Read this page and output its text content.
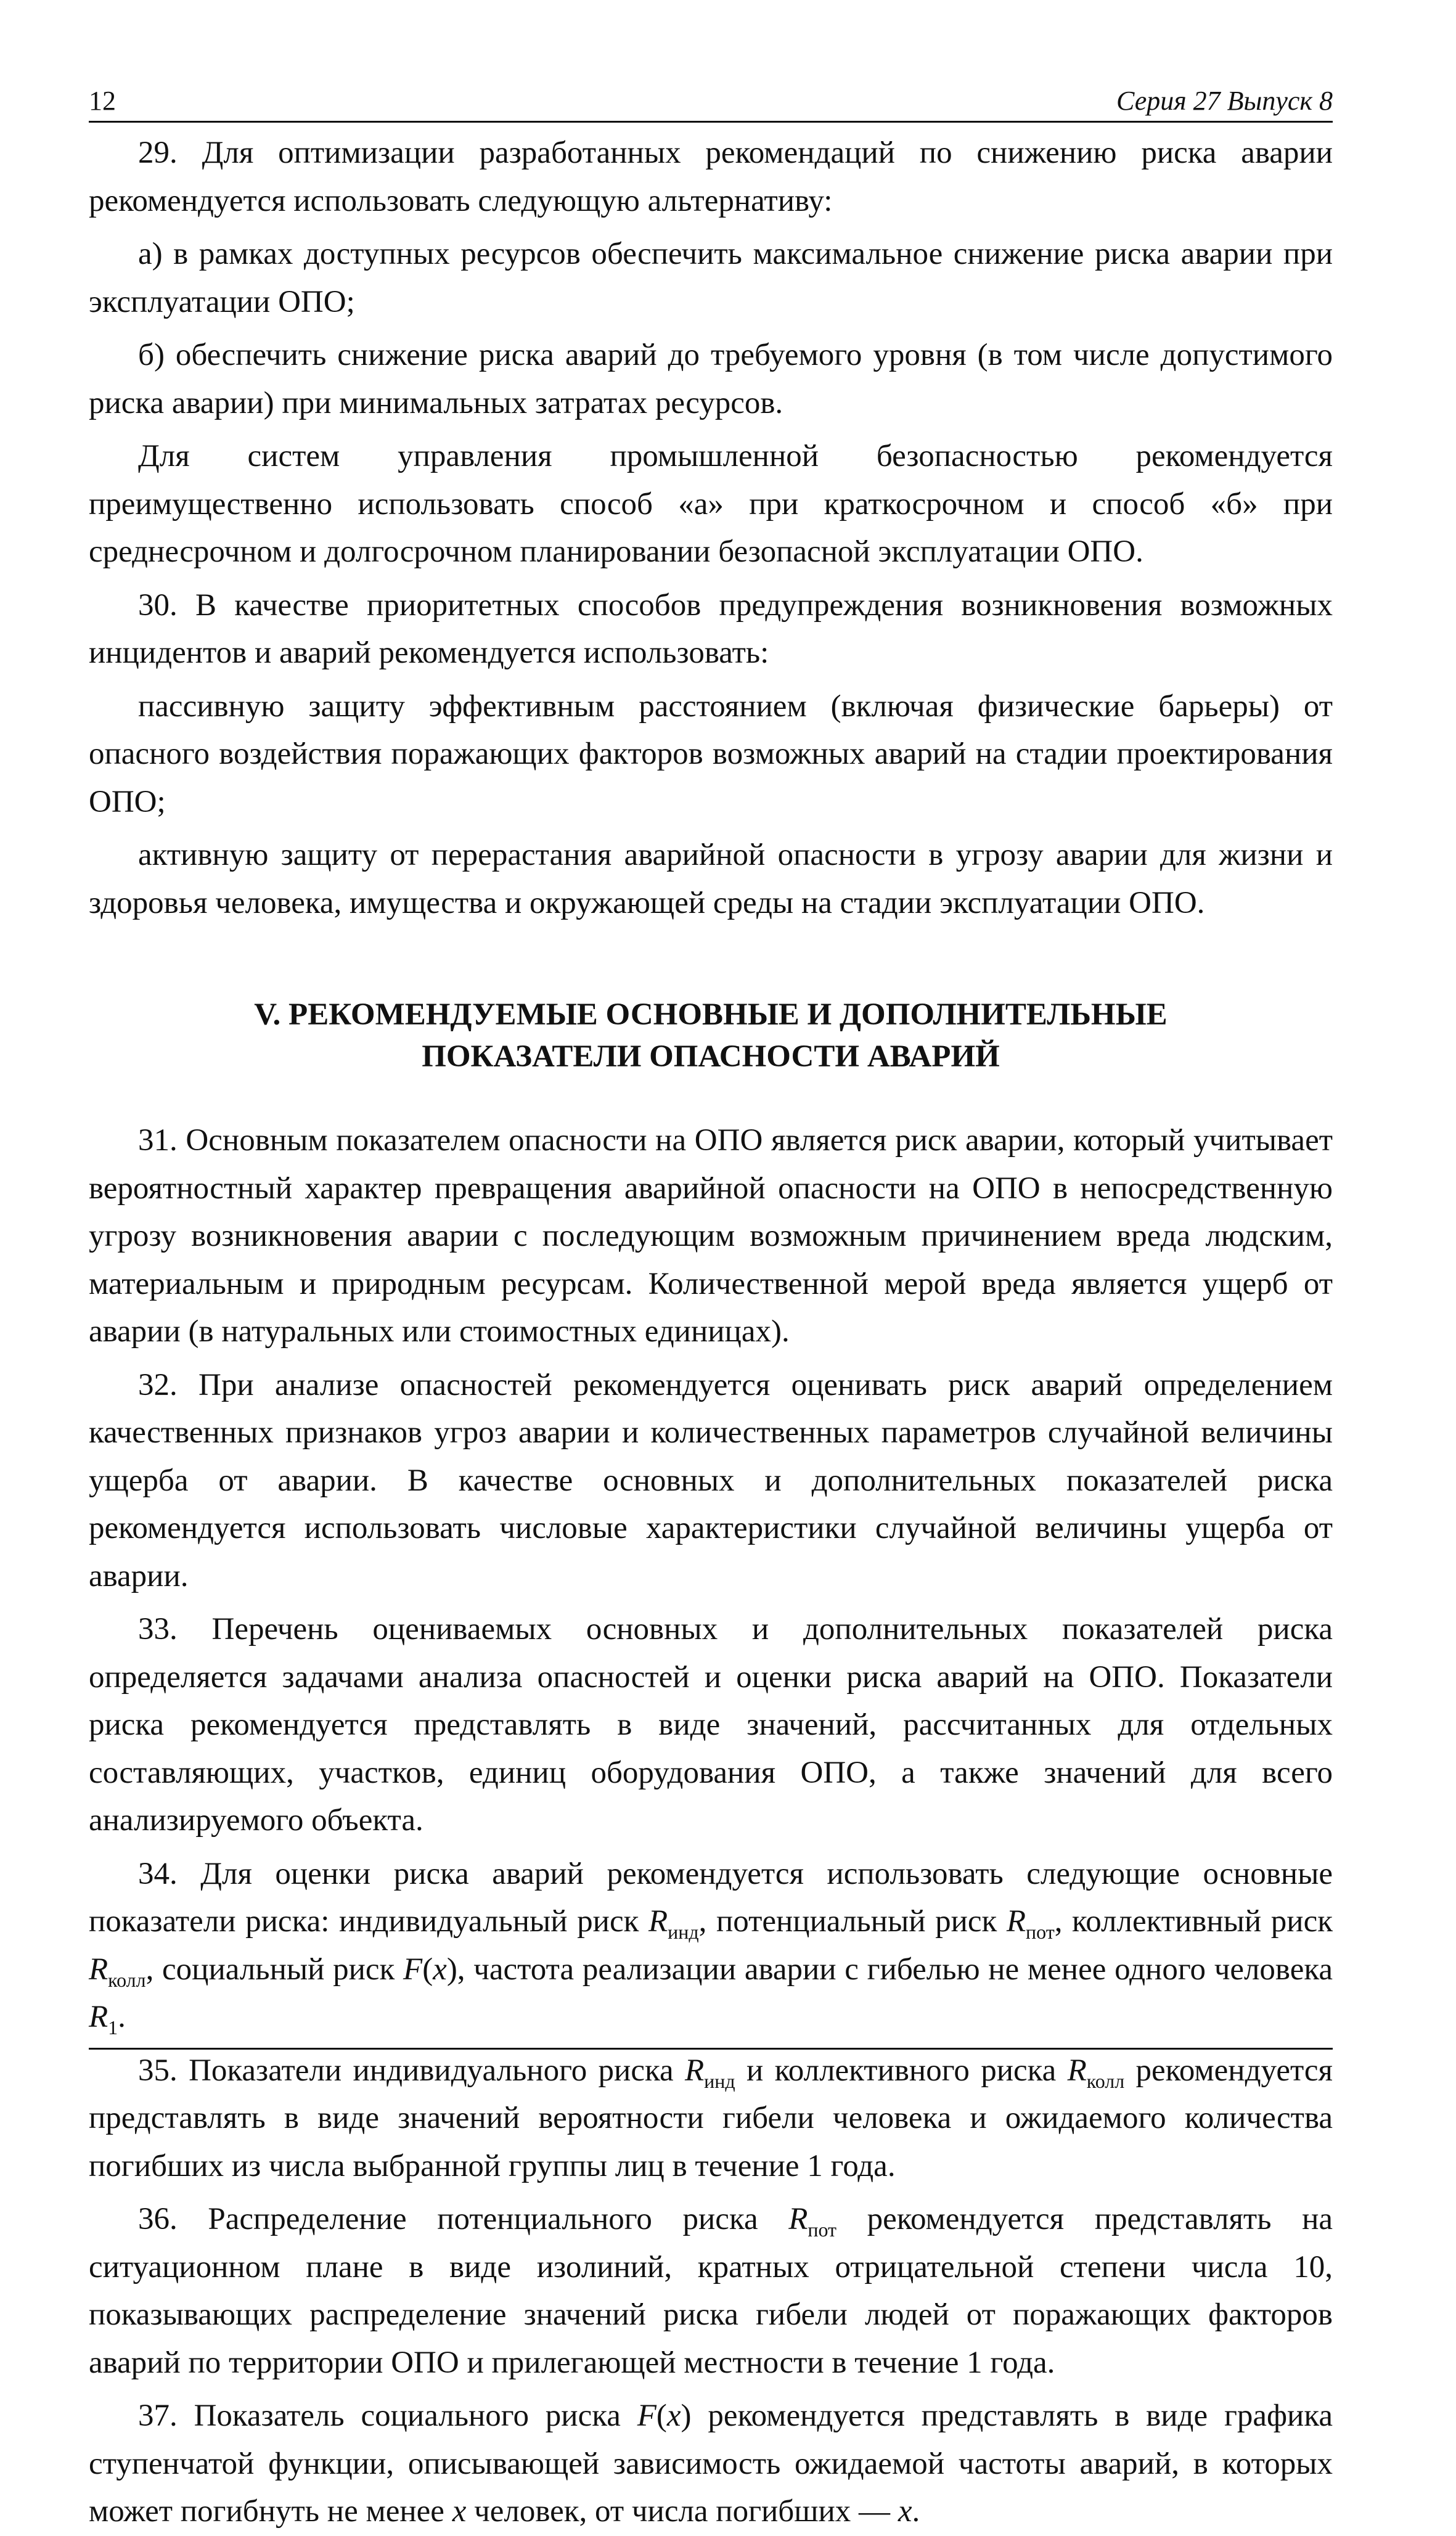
12	Серия 27 Выпуск 8

29. Для оптимизации разработанных рекомендаций по снижению риска аварии рекомендуется использовать следующую альтернативу:

а) в рамках доступных ресурсов обеспечить максимальное снижение риска аварии при эксплуатации ОПО;

б) обеспечить снижение риска аварий до требуемого уровня (в том числе допустимого риска аварии) при минимальных затратах ресурсов.

Для систем управления промышленной безопасностью рекомендуется преимущественно использовать способ «а» при краткосрочном и способ «б» при среднесрочном и долгосрочном планировании безопасной эксплуатации ОПО.

30. В качестве приоритетных способов предупреждения возникновения возможных инцидентов и аварий рекомендуется использовать:

пассивную защиту эффективным расстоянием (включая физические барьеры) от опасного воздействия поражающих факторов возможных аварий на стадии проектирования ОПО;

активную защиту от перерастания аварийной опасности в угрозу аварии для жизни и здоровья человека, имущества и окружающей среды на стадии эксплуатации ОПО.

V. РЕКОМЕНДУЕМЫЕ ОСНОВНЫЕ И ДОПОЛНИТЕЛЬНЫЕ
ПОКАЗАТЕЛИ ОПАСНОСТИ АВАРИЙ

31. Основным показателем опасности на ОПО является риск аварии, который учитывает вероятностный характер превращения аварийной опасности на ОПО в непосредственную угрозу возникновения аварии с последующим возможным причинением вреда людским, материальным и природным ресурсам. Количественной мерой вреда является ущерб от аварии (в натуральных или стоимостных единицах).

32. При анализе опасностей рекомендуется оценивать риск аварий определением качественных признаков угроз аварии и количественных параметров случайной величины ущерба от аварии. В качестве основных и дополнительных показателей риска рекомендуется использовать числовые характеристики случайной величины ущерба от аварии.

33. Перечень оцениваемых основных и дополнительных показателей риска определяется задачами анализа опасностей и оценки риска аварий на ОПО. Показатели риска рекомендуется представлять в виде значений, рассчитанных для отдельных составляющих, участков, единиц оборудования ОПО, а также значений для всего анализируемого объекта.

34. Для оценки риска аварий рекомендуется использовать следующие основные показатели риска: индивидуальный риск $R_{инд}$, потенциальный риск $R_{пот}$, коллективный риск $R_{колл}$, социальный риск F(x), частота реализации аварии с гибелью не менее одного человека $R_1$.

35. Показатели индивидуального риска $R_{инд}$ и коллективного риска $R_{колл}$ рекомендуется представлять в виде значений вероятности гибели человека и ожидаемого количества погибших из числа выбранной группы лиц в течение 1 года.

36. Распределение потенциального риска $R_{пот}$ рекомендуется представлять на ситуационном плане в виде изолиний, кратных отрицательной степени числа 10, показывающих распределение значений риска гибели людей от поражающих факторов аварий по территории ОПО и прилегающей местности в течение 1 года.

37. Показатель социального риска F(x) рекомендуется представлять в виде графика ступенчатой функции, описывающей зависимость ожидаемой частоты аварий, в которых может погибнуть не менее x человек, от числа погибших — x.
